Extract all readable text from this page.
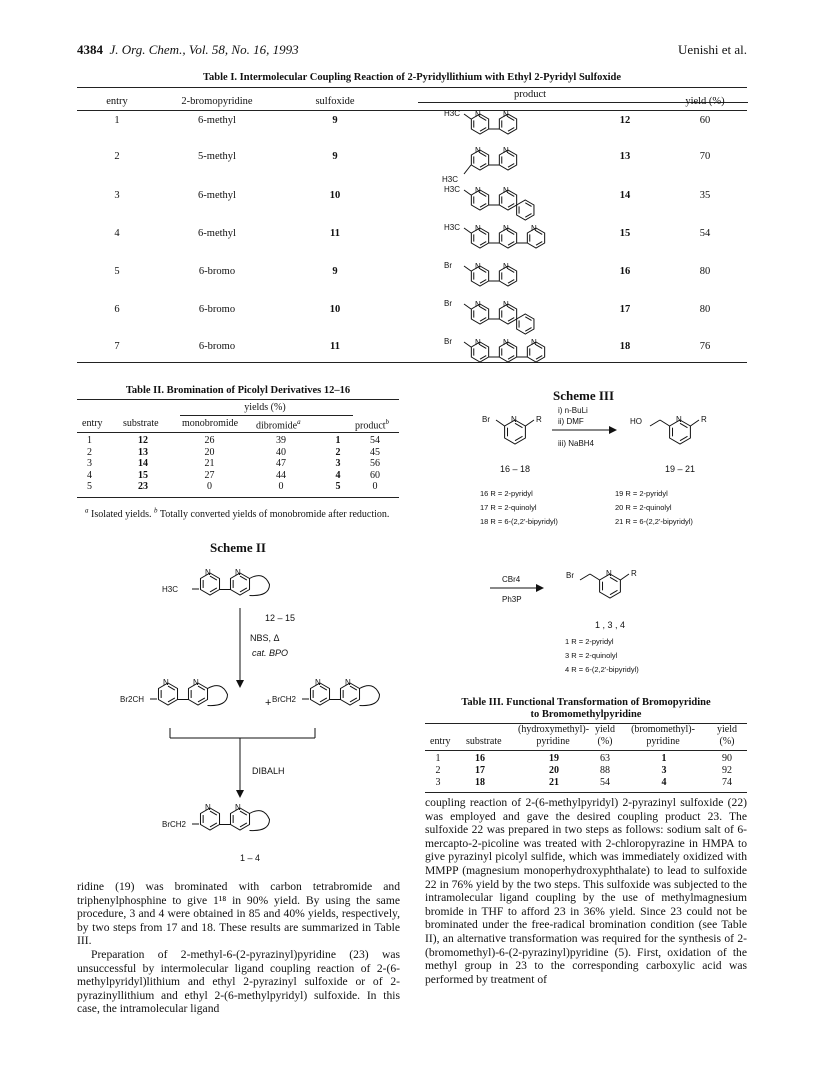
4384 J. Org. Chem., Vol. 58, No. 16, 1993	Uenishi et al.
Table I. Intermolecular Coupling Reaction of 2-Pyridyllithium with Ethyl 2-Pyridyl Sulfoxide
entry	2-bromopyridine	sulfoxide
product
yield (%)
1	6-methyl	9	12	60
2	5-methyl	9	13	70
3	6-methyl	10	14	35
4	6-methyl	11	15	54
5	6-bromo	9	16	80
6	6-bromo	10	17	80
7	6-bromo	11	18	76
N	N
H3C
N	N
H3C
N	N
H3C
N	N	N
H3C
N	N
Br
N	N
Br
N	N	N
Br
Table II. Bromination of Picolyl Derivatives 12–16
yields (%)
entry substrate monobromide dibromide$^a$	product$^b$
1	12	26	39	1	54
2	13	20	40	2	45
3	14	21	47	3	56
4	15	27	44	4	60
5	23	0	0	5	0
$^a$ Isolated yields. $^b$ Totally converted yields of monobromide after reduction.
Scheme II
N	N
H3C
12 – 15
NBS, Δ
cat. BPO
N	N
Br2CH	+
N	N
BrCH2
DIBALH
N	N
BrCH2
1 – 4
Scheme III
Br	R
N
i) n-BuLi
ii) DMF
iii) NaBH4
HO	R
N
16 – 18	19 – 21
16 R = 2-pyridyl
17 R = 2-quinolyl
18 R = 6-(2,2'-bipyridyl)
19 R = 2-pyridyl
20 R = 2-quinolyl
21 R = 6-(2,2'-bipyridyl)
CBr4
Ph3P
Br	R
N
1 , 3 , 4
1 R = 2-pyridyl
3 R = 2-quinolyl
4 R = 6-(2,2'-bipyridyl)
Table III. Functional Transformation of Bromopyridine
to Bromomethylpyridine
(hydroxymethyl)-pyridine
yield (%)
(bromomethyl)-pyridine
yield (%)
entry substrate
1	16	19	63	1	90
2	17	20	88	3	92
3	18	21	54	4	74

ridine (19) was brominated with carbon tetrabromide and triphenylphosphine to give 1¹⁸ in 90% yield. By using the same procedure, 3 and 4 were obtained in 85 and 40% yields, respectively, by two steps from 17 and 18. These results are summarized in Table III.

Preparation of 2-methyl-6-(2-pyrazinyl)pyridine (23) was unsuccessful by intermolecular ligand coupling reaction of 2-(6-methylpyridyl)lithium and ethyl 2-pyrazinyl sulfoxide or of 2-pyrazinyllithium and ethyl 2-(6-methylpyridyl) sulfoxide. In this case, the intramolecular ligand

coupling reaction of 2-(6-methylpyridyl) 2-pyrazinyl sulfoxide (22) was employed and gave the desired coupling product 23. The sulfoxide 22 was prepared in two steps as follows: sodium salt of 6-mercapto-2-picoline was treated with 2-chloropyrazine in HMPA to give pyrazinyl picolyl sulfide, which was immediately oxidized with MMPP (magnesium monoperhydroxyphthalate) to lead to sulfoxide 22 in 76% yield by the two steps. This sulfoxide was subjected to the intramolecular ligand coupling by the use of methylmagnesium bromide in THF to afford 23 in 36% yield. Since 23 could not be brominated under the free-radical bromination condition (see Table II), an alternative transformation was required for the synthesis of 2-(bromomethyl)-6-(2-pyrazinyl)pyridine (5). First, oxidation of the methyl group in 23 to the corresponding carboxylic acid was performed by treatment of
